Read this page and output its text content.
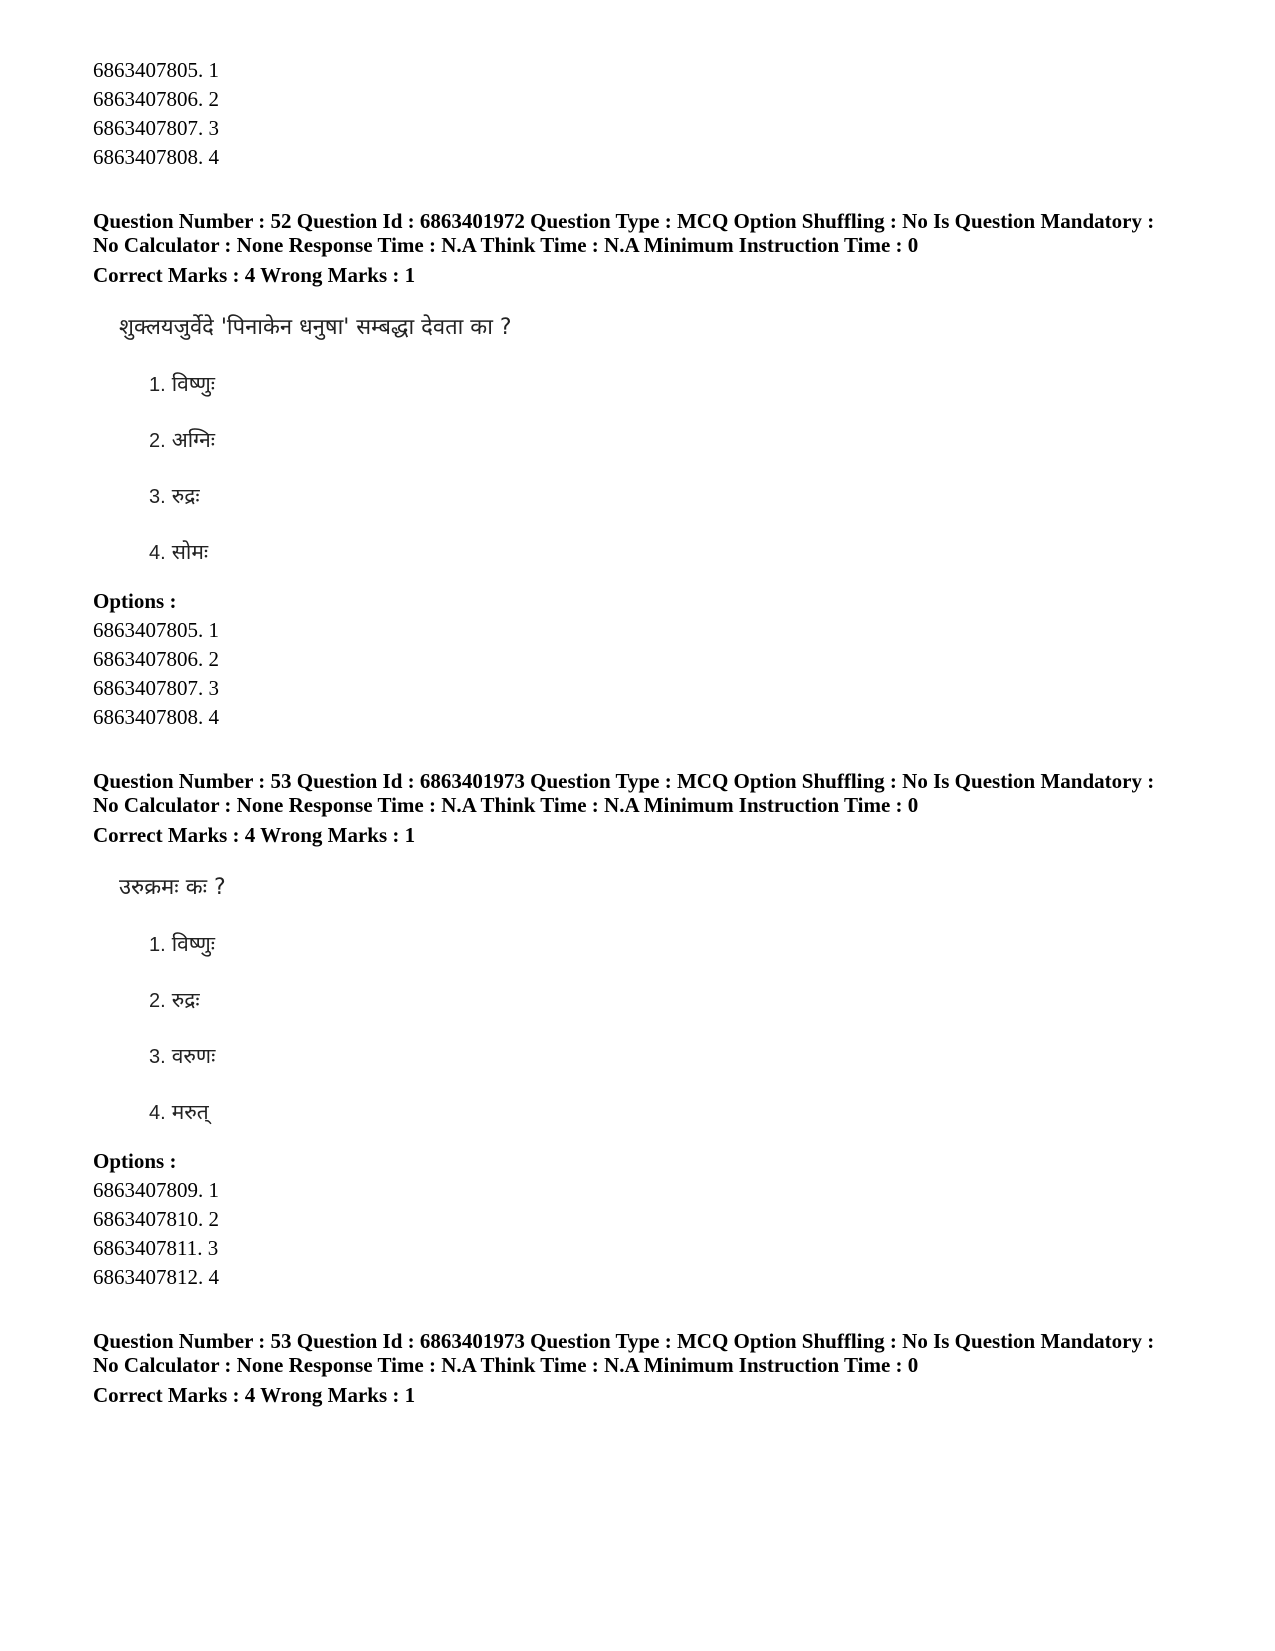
6863407805. 1
6863407806. 2
6863407807. 3
6863407808. 4
Question Number : 52 Question Id : 6863401972 Question Type : MCQ Option Shuffling : No Is Question Mandatory :
No Calculator : None Response Time : N.A Think Time : N.A Minimum Instruction Time : 0
Correct Marks : 4 Wrong Marks : 1
शुक्लयजुर्वेदे 'पिनाकेन धनुषा' सम्बद्धा देवता का ?
1. विष्णुः
2. अग्निः
3. रुद्रः
4. सोमः
Options :
6863407805. 1
6863407806. 2
6863407807. 3
6863407808. 4
Question Number : 53 Question Id : 6863401973 Question Type : MCQ Option Shuffling : No Is Question Mandatory :
No Calculator : None Response Time : N.A Think Time : N.A Minimum Instruction Time : 0
Correct Marks : 4 Wrong Marks : 1
उरुक्रमः कः ?
1. विष्णुः
2. रुद्रः
3. वरुणः
4. मरुत्
Options :
6863407809. 1
6863407810. 2
6863407811. 3
6863407812. 4
Question Number : 53 Question Id : 6863401973 Question Type : MCQ Option Shuffling : No Is Question Mandatory :
No Calculator : None Response Time : N.A Think Time : N.A Minimum Instruction Time : 0
Correct Marks : 4 Wrong Marks : 1
